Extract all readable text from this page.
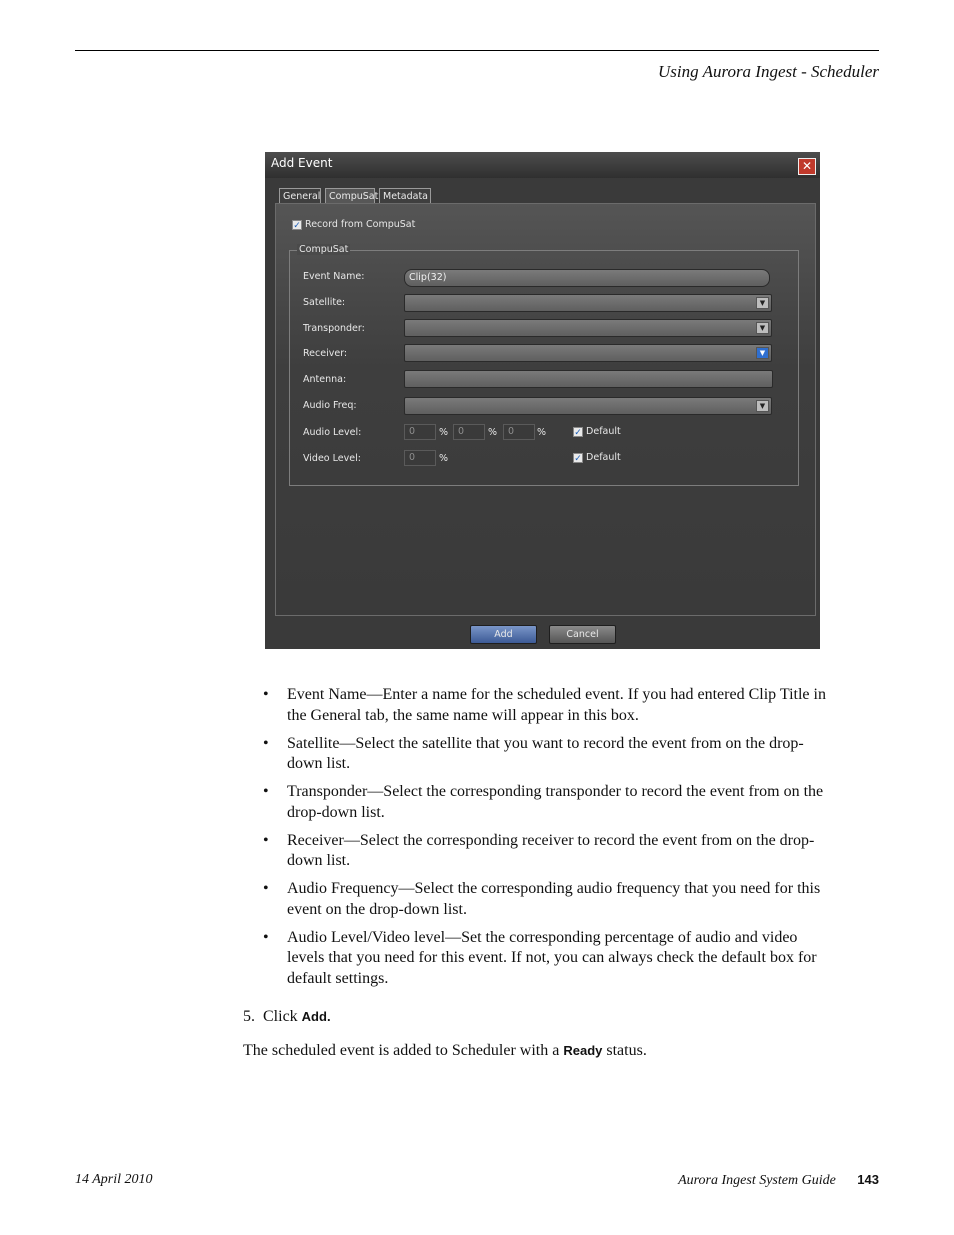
Using Aurora Ingest - Scheduler
Add Event	✕
General CompuSat Metadata
✓ Record from CompuSat
CompuSat
Event Name:	Clip(32)
Satellite:	▼
Transponder:	▼
Receiver:	▼
Antenna:
Audio Freq:	▼
Audio Level:	0	%	0	%	0	%	✓ Default
Video Level:	0	%	✓ Default
Add	Cancel
• Event Name—Enter a name for the scheduled event. If you had entered Clip Title in the General tab, the same name will appear in this box.
• Satellite—Select the satellite that you want to record the event from on the drop-down list.
• Transponder—Select the corresponding transponder to record the event from on the drop-down list.
• Receiver—Select the corresponding receiver to record the event from on the drop-down list.
• Audio Frequency—Select the corresponding audio frequency that you need for this event on the drop-down list.
• Audio Level/Video level—Set the corresponding percentage of audio and video levels that you need for this event. If not, you can always check the default box for default settings.
5. Click Add.
The scheduled event is added to Scheduler with a Ready status.
14 April 2010	Aurora Ingest System Guide 143
